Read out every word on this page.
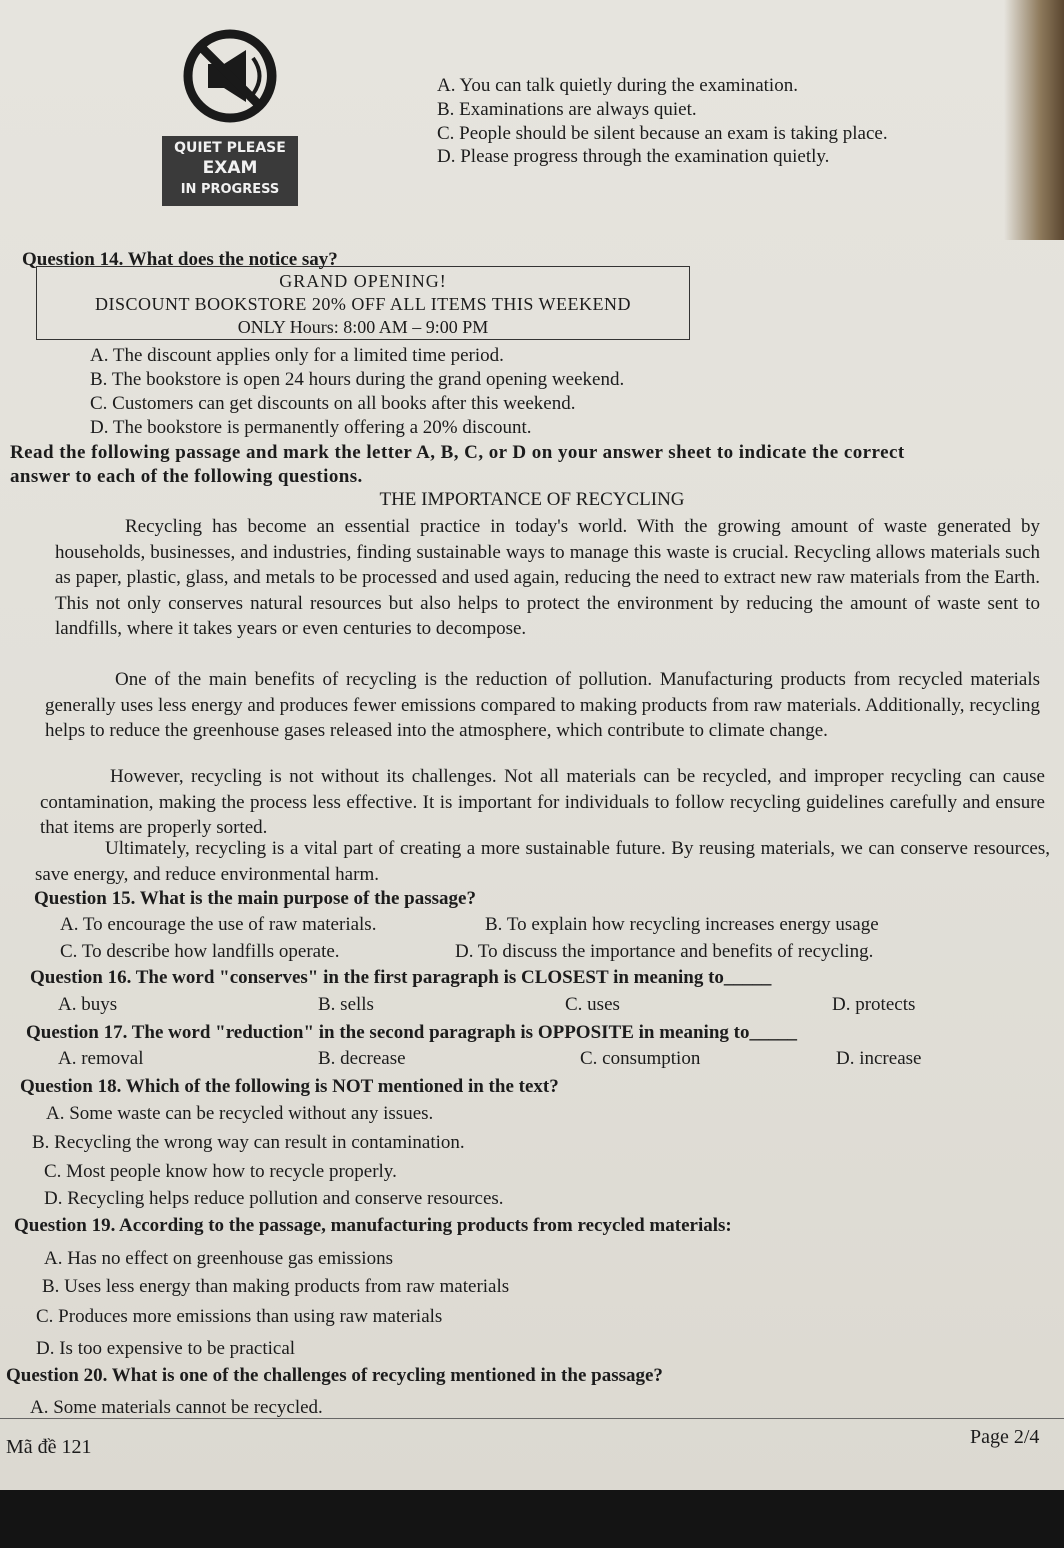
QUIET PLEASE
EXAM
IN PROGRESS
A. You can talk quietly during the examination.
B. Examinations are always quiet.
C. People should be silent because an exam is taking place.
D. Please progress through the examination quietly.
Question 14. What does the notice say?
GRAND OPENING!
DISCOUNT BOOKSTORE 20% OFF ALL ITEMS THIS WEEKEND
ONLY Hours: 8:00 AM – 9:00 PM
A. The discount applies only for a limited time period.
B. The bookstore is open 24 hours during the grand opening weekend.
C. Customers can get discounts on all books after this weekend.
D. The bookstore is permanently offering a 20% discount.
Read the following passage and mark the letter A, B, C, or D on your answer sheet to indicate the correct
answer to each of the following questions.
THE IMPORTANCE OF RECYCLING
Recycling has become an essential practice in today's world. With the growing amount of waste generated by households, businesses, and industries, finding sustainable ways to manage this waste is crucial. Recycling allows materials such as paper, plastic, glass, and metals to be processed and used again, reducing the need to extract new raw materials from the Earth. This not only conserves natural resources but also helps to protect the environment by reducing the amount of waste sent to landfills, where it takes years or even centuries to decompose.
One of the main benefits of recycling is the reduction of pollution. Manufacturing products from recycled materials generally uses less energy and produces fewer emissions compared to making products from raw materials. Additionally, recycling helps to reduce the greenhouse gases released into the atmosphere, which contribute to climate change.
However, recycling is not without its challenges. Not all materials can be recycled, and improper recycling can cause contamination, making the process less effective. It is important for individuals to follow recycling guidelines carefully and ensure that items are properly sorted.
Ultimately, recycling is a vital part of creating a more sustainable future. By reusing materials, we can conserve resources, save energy, and reduce environmental harm.
Question 15. What is the main purpose of the passage?
A. To encourage the use of raw materials.	B. To explain how recycling increases energy usage
C. To describe how landfills operate.	D. To discuss the importance and benefits of recycling.
Question 16. The word "conserves" in the first paragraph is CLOSEST in meaning to_____
A. buys	B. sells	C. uses	D. protects
Question 17. The word "reduction" in the second paragraph is OPPOSITE in meaning to_____
A. removal	B. decrease	C. consumption	D. increase
Question 18. Which of the following is NOT mentioned in the text?
A. Some waste can be recycled without any issues.
B. Recycling the wrong way can result in contamination.
C. Most people know how to recycle properly.
D. Recycling helps reduce pollution and conserve resources.
Question 19. According to the passage, manufacturing products from recycled materials:
A. Has no effect on greenhouse gas emissions
B. Uses less energy than making products from raw materials
C. Produces more emissions than using raw materials
D. Is too expensive to be practical
Question 20. What is one of the challenges of recycling mentioned in the passage?
A. Some materials cannot be recycled.
Mã đề 121	Page 2/4
